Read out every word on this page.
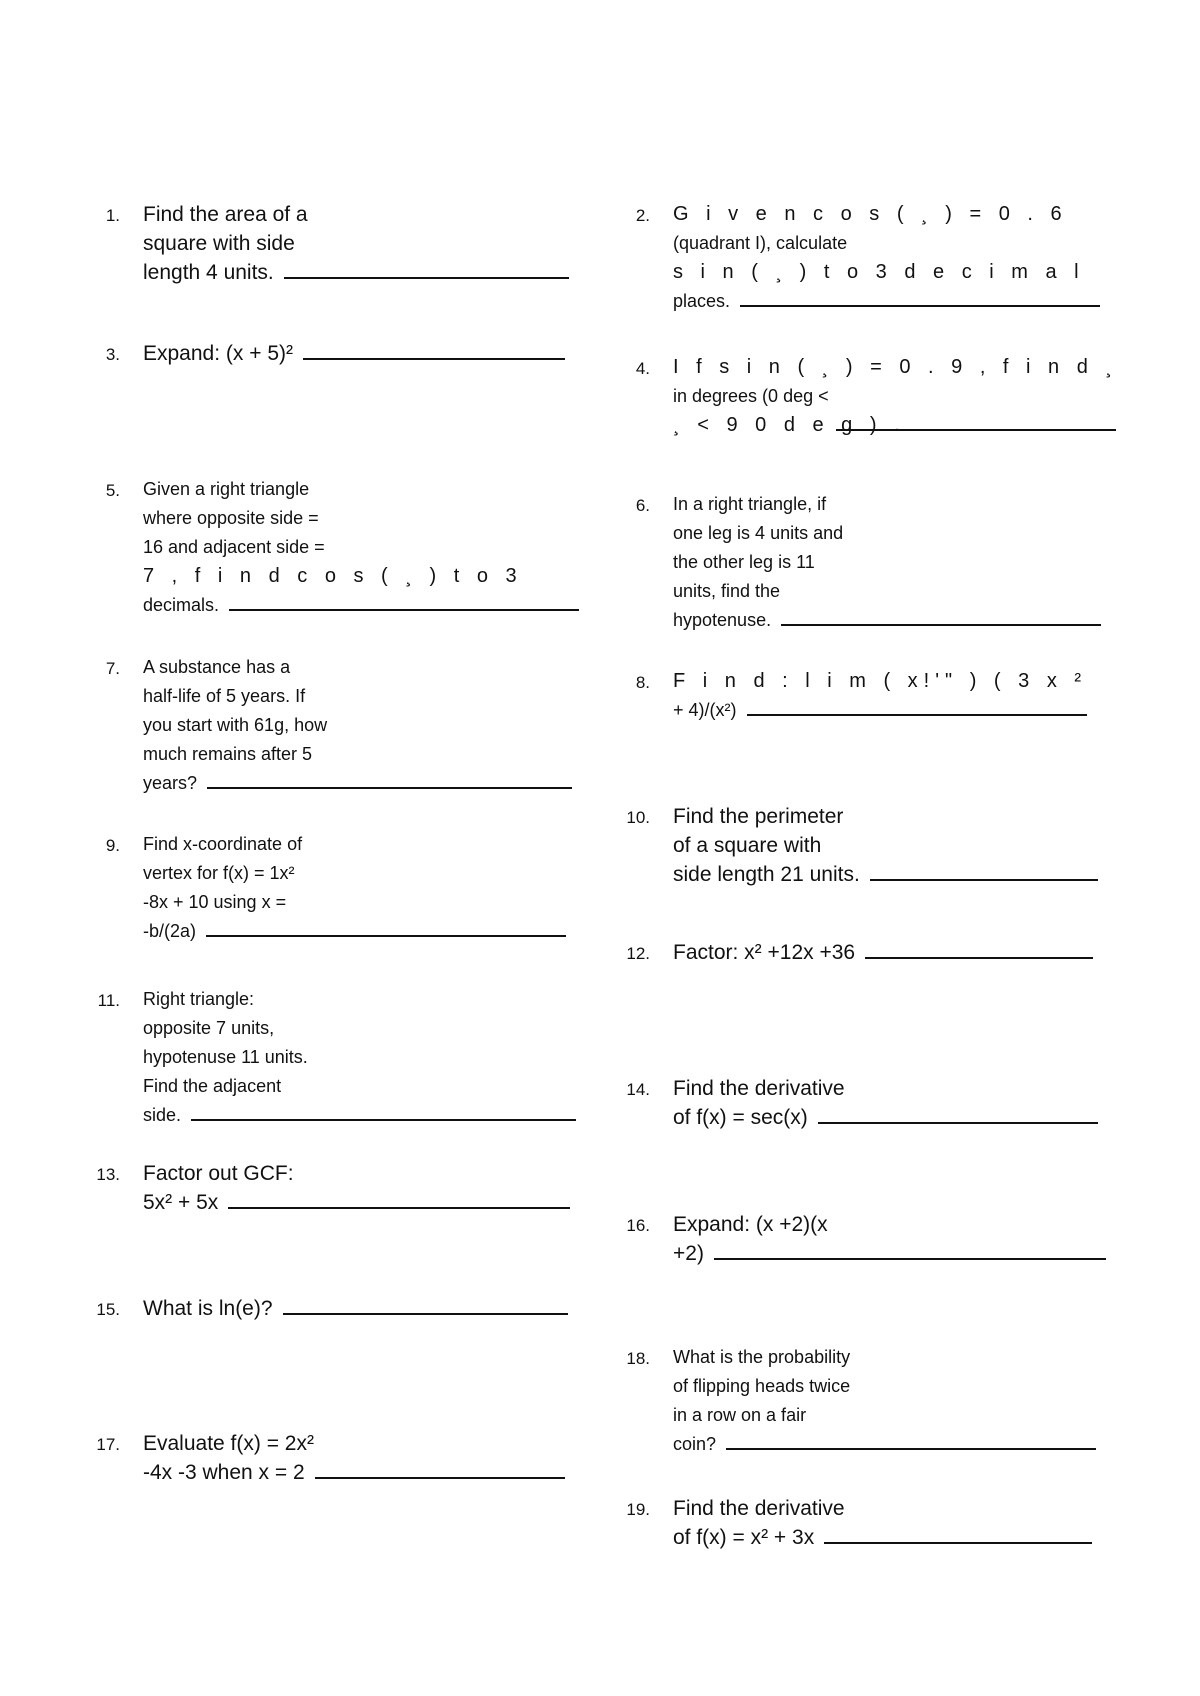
1. Find the area of a
square with side
length 4 units.
2. G i v e n c o s ( ¸ ) = 0 . 6
(quadrant I), calculate
s i n ( ¸ ) t o 3 d e c i m a l
places.
3. Expand: (x + 5)²
4. I f s i n ( ¸ ) = 0 . 9 , f i n d ¸
in degrees (0 deg <
¸ < 9 0 d e g ) .
5. Given a right triangle
where opposite side =
16 and adjacent side =
7 , f i n d c o s ( ¸ ) t o 3
decimals.
6. In a right triangle, if
one leg is 4 units and
the other leg is 11
units, find the
hypotenuse.
7. A substance has a
half-life of 5 years. If
you start with 61g, how
much remains after 5
years?
8. F i n d : l i m ( x!'" ) ( 3 x ²
+ 4)/(x²)
9. Find x-coordinate of
vertex for f(x) = 1x²
-8x + 10 using x =
-b/(2a)
10. Find the perimeter
of a square with
side length 21 units.
11. Right triangle:
opposite 7 units,
hypotenuse 11 units.
Find the adjacent
side.
12. Factor: x² +12x +36
13. Factor out GCF:
5x² + 5x
14. Find the derivative
of f(x) = sec(x)
15. What is ln(e)?
16. Expand: (x +2)(x
+2)
17. Evaluate f(x) = 2x²
-4x -3 when x = 2
18. What is the probability
of flipping heads twice
in a row on a fair
coin?
19. Find the derivative
of f(x) = x² + 3x
